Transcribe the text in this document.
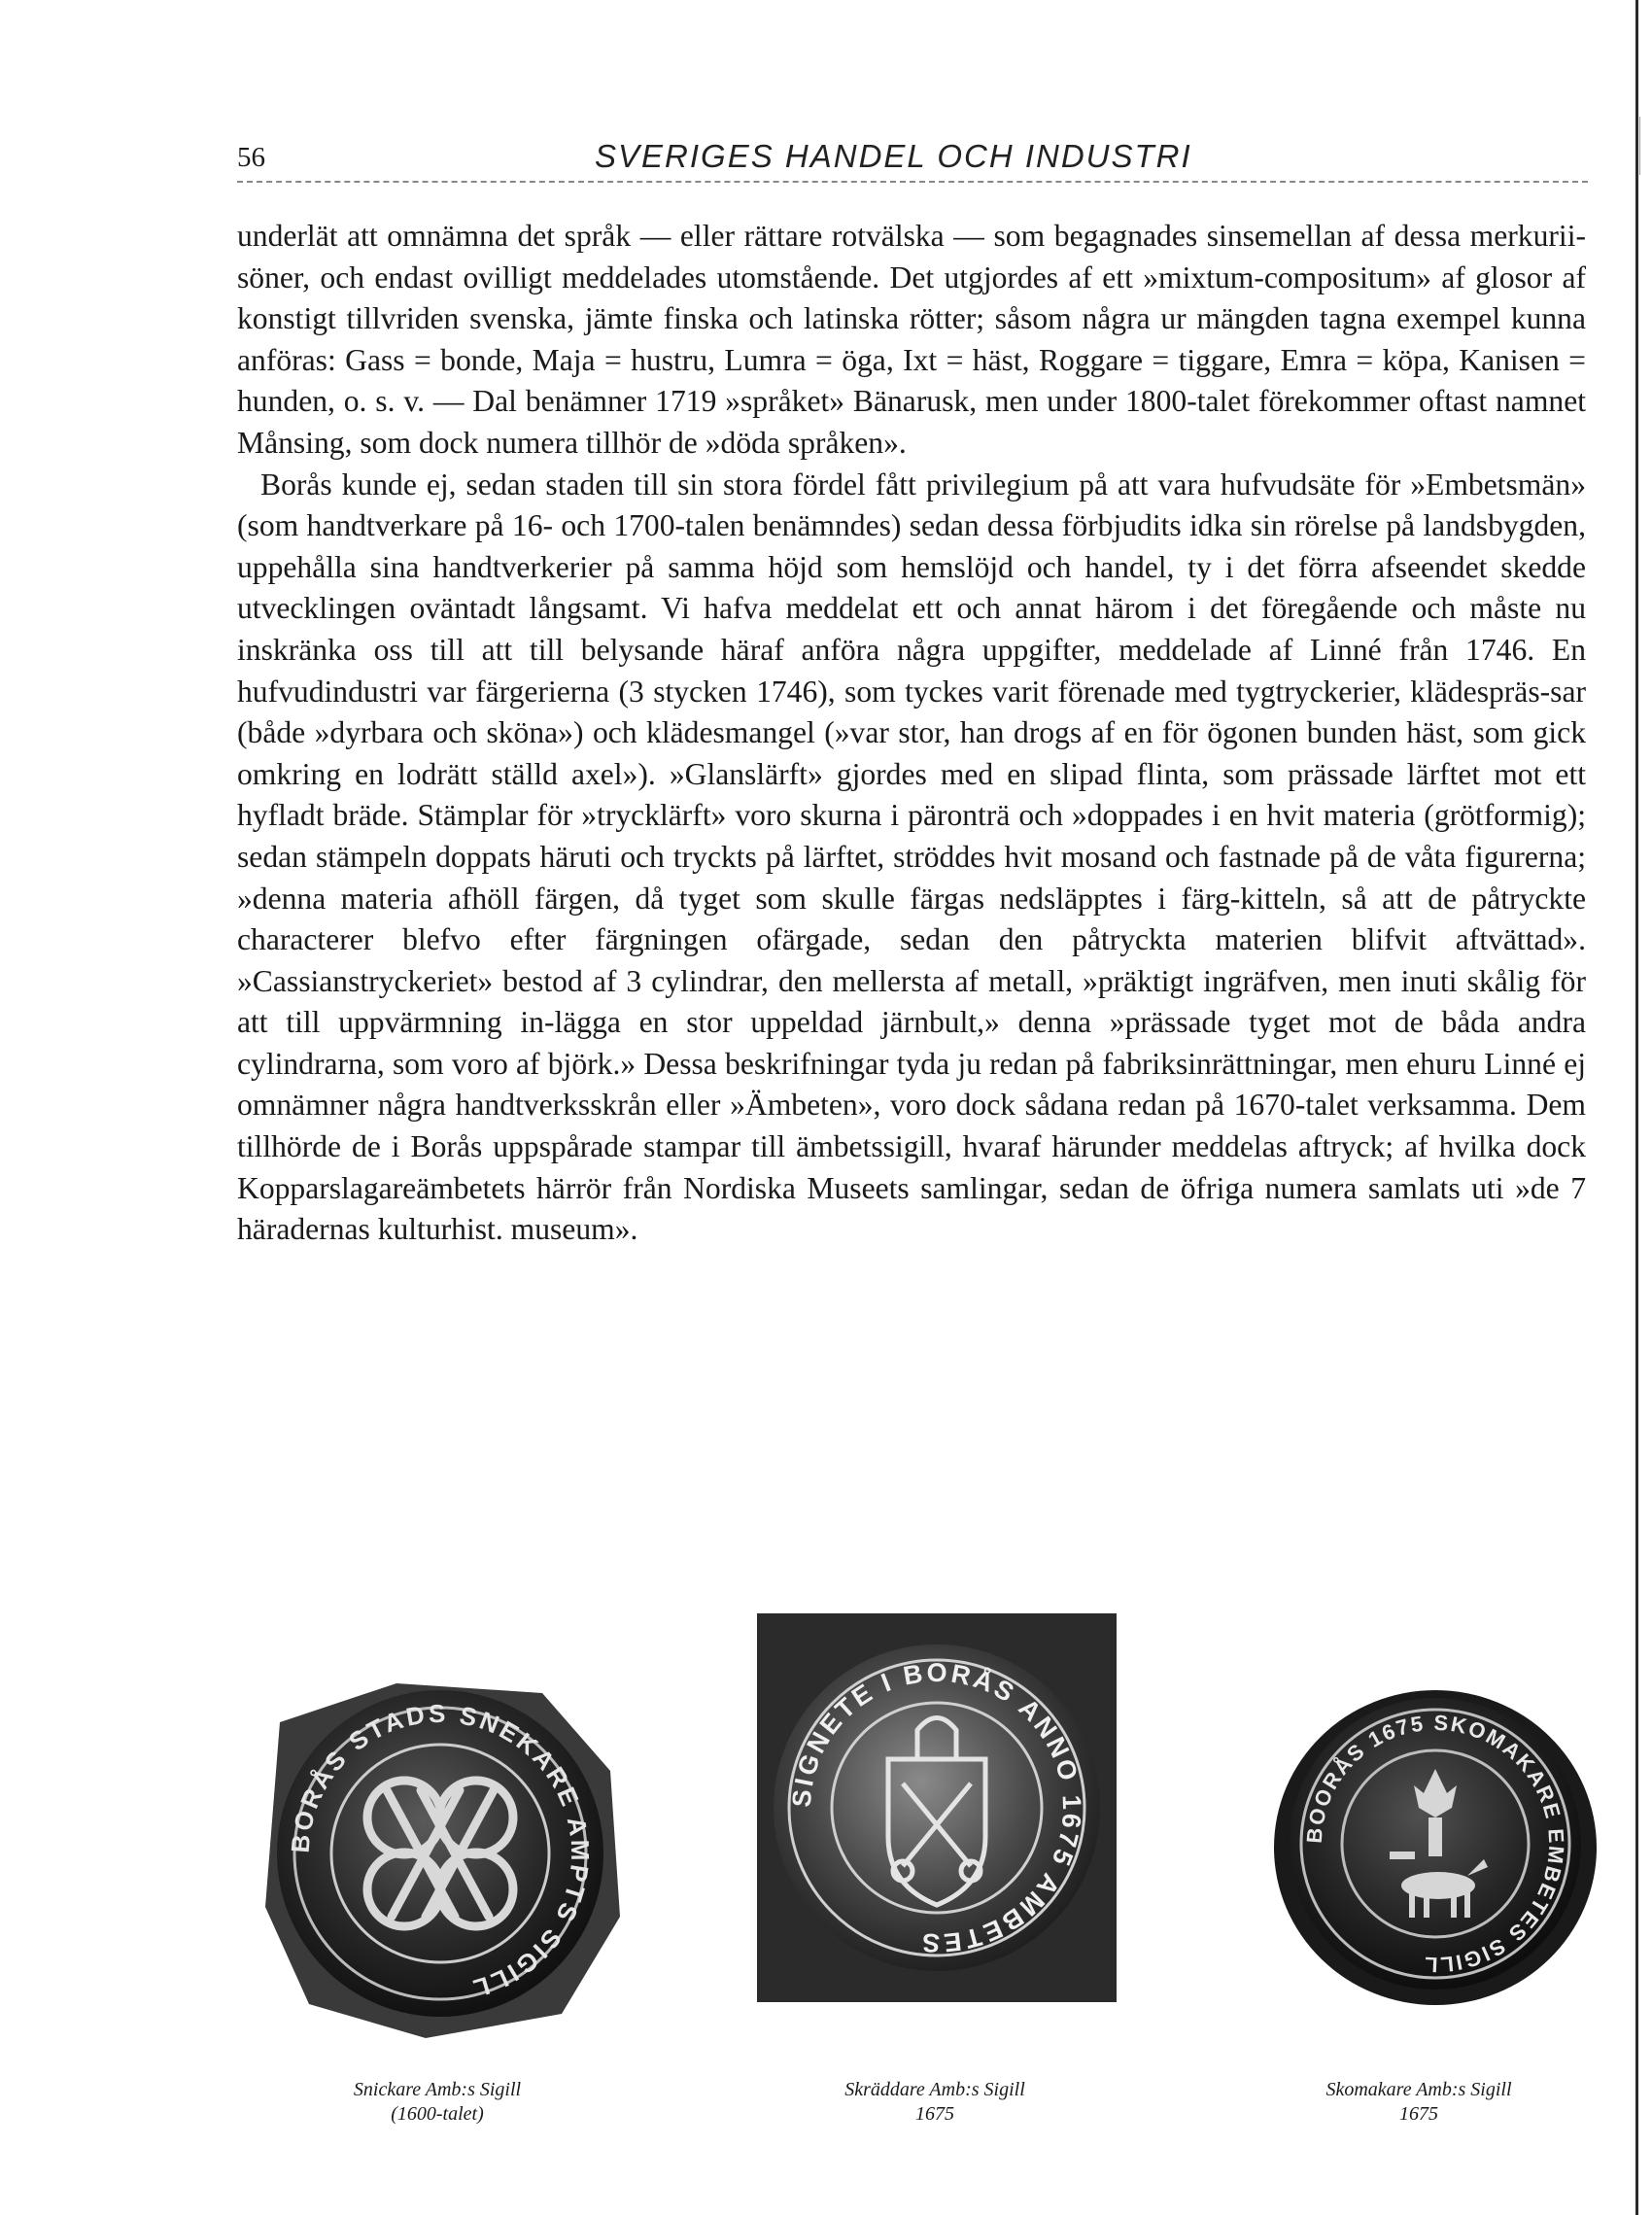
56	SVERIGES HANDEL OCH INDUSTRI

underlät att omnämna det språk — eller rättare rotvälska — som begagnades sinsemellan af dessa merkurii-söner, och endast ovilligt meddelades utomstående. Det utgjordes af ett »mixtum-compositum» af glosor af konstigt tillvriden svenska, jämte finska och latinska rötter; såsom några ur mängden tagna exempel kunna anföras: Gass = bonde, Maja = hustru, Lumra = öga, Ixt = häst, Roggare = tiggare, Emra = köpa, Kanisen = hunden, o. s. v. — Dal benämner 1719 »språket» Bänarusk, men under 1800-talet förekommer oftast namnet Månsing, som dock numera tillhör de »döda språken».

Borås kunde ej, sedan staden till sin stora fördel fått privilegium på att vara hufvudsäte för »Embetsmän» (som handtverkare på 16- och 1700-talen benämndes) sedan dessa förbjudits idka sin rörelse på landsbygden, uppehålla sina handtverkerier på samma höjd som hemslöjd och handel, ty i det förra afseendet skedde utvecklingen oväntadt långsamt. Vi hafva meddelat ett och annat härom i det föregående och måste nu inskränka oss till att till belysande häraf anföra några uppgifter, meddelade af Linné från 1746. En hufvudindustri var färgerierna (3 stycken 1746), som tyckes varit förenade med tygtryckerier, klädespräs-sar (både »dyrbara och sköna») och klädesmangel (»var stor, han drogs af en för ögonen bunden häst, som gick omkring en lodrätt ställd axel»). »Glanslärft» gjordes med en slipad flinta, som prässade lärftet mot ett hyfladt bräde. Stämplar för »trycklärft» voro skurna i päronträ och »doppades i en hvit materia (grötformig); sedan stämpeln doppats häruti och tryckts på lärftet, ströddes hvit mosand och fastnade på de våta figurerna; »denna materia afhöll färgen, då tyget som skulle färgas nedsläpptes i färg-kitteln, så att de påtryckte characterer blefvo efter färgningen ofärgade, sedan den påtryckta materien blifvit aftvättad». »Cassianstryckeriet» bestod af 3 cylindrar, den mellersta af metall, »präktigt ingräfven, men inuti skålig för att till uppvärmning in-lägga en stor uppeldad järnbult,» denna »prässade tyget mot de båda andra cylindrarna, som voro af björk.» Dessa beskrifningar tyda ju redan på fabriksinrättningar, men ehuru Linné ej omnämner några handtverksskrån eller »Ämbeten», voro dock sådana redan på 1670-talet verksamma. Dem tillhörde de i Borås uppspårade stampar till ämbetssigill, hvaraf härunder meddelas aftryck; af hvilka dock Kopparslagareämbetets härrör från Nordiska Museets samlingar, sedan de öfriga numera samlats uti »de 7 häradernas kulturhist. museum».

BORÅS STADS SNEKARE AMPTS SIGILL
SIGNETE I BORÅS ANNO 1675 AMBETES
BOORÅS 1675 SKOMAKARE EMBETES SIGILL
Snickare Amb:s Sigill
(1600-talet)
Skräddare Amb:s Sigill
1675
Skomakare Amb:s Sigill
1675
